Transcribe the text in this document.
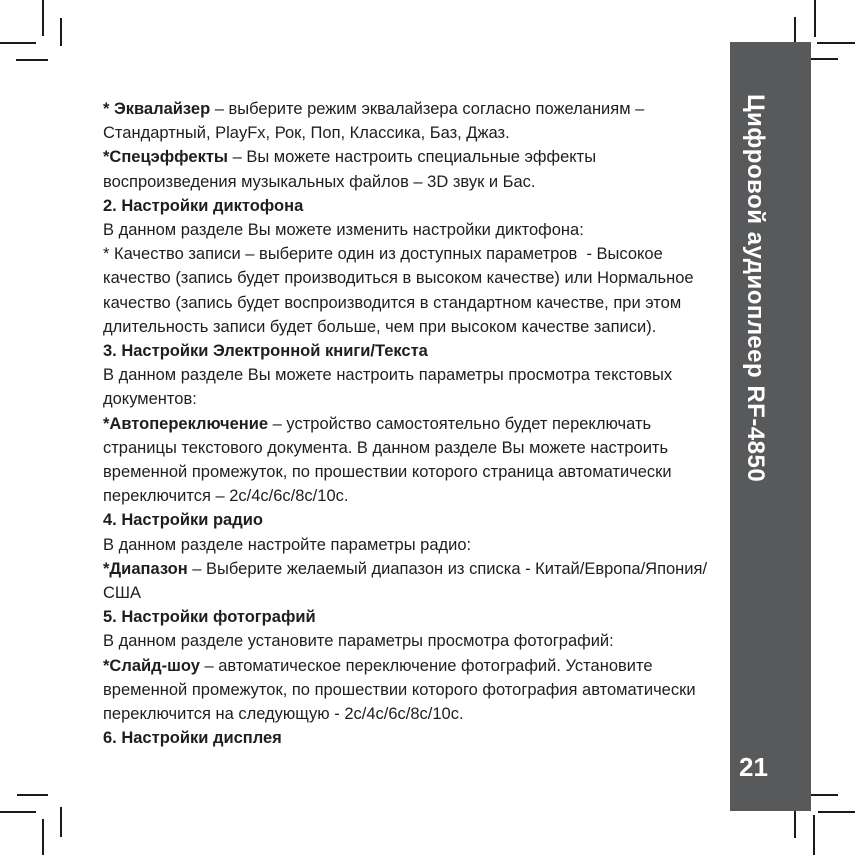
* Эквалайзер – выберите режим эквалайзера согласно пожеланиям –
Стандартный, PlayFx, Рок, Поп, Классика, Баз, Джаз.
*Спецэффекты – Вы можете настроить специальные эффекты
воспроизведения музыкальных файлов – 3D звук и Бас.
2. Настройки диктофона
В данном разделе Вы можете изменить настройки диктофона:
* Качество записи – выберите один из доступных параметров  - Высокое
качество (запись будет производиться в высоком качестве) или Нормальное
качество (запись будет воспроизводится в стандартном качестве, при этом
длительность записи будет больше, чем при высоком качестве записи).
3. Настройки Электронной книги/Текста
В данном разделе Вы можете настроить параметры просмотра текстовых
документов:
*Автопереключение – устройство самостоятельно будет переключать
страницы текстового документа. В данном разделе Вы можете настроить
временной промежуток, по прошествии которого страница автоматически
переключится – 2с/4с/6с/8с/10с.
4. Настройки радио
В данном разделе настройте параметры радио:
*Диапазон – Выберите желаемый диапазон из списка - Китай/Европа/Япония/
США
5. Настройки фотографий
В данном разделе установите параметры просмотра фотографий:
*Слайд-шоу – автоматическое переключение фотографий. Установите
временной промежуток, по прошествии которого фотография автоматически
переключится на следующую - 2с/4с/6с/8с/10с.
6. Настройки дисплея
Цифровой аудиоплеер RF-4850
21
